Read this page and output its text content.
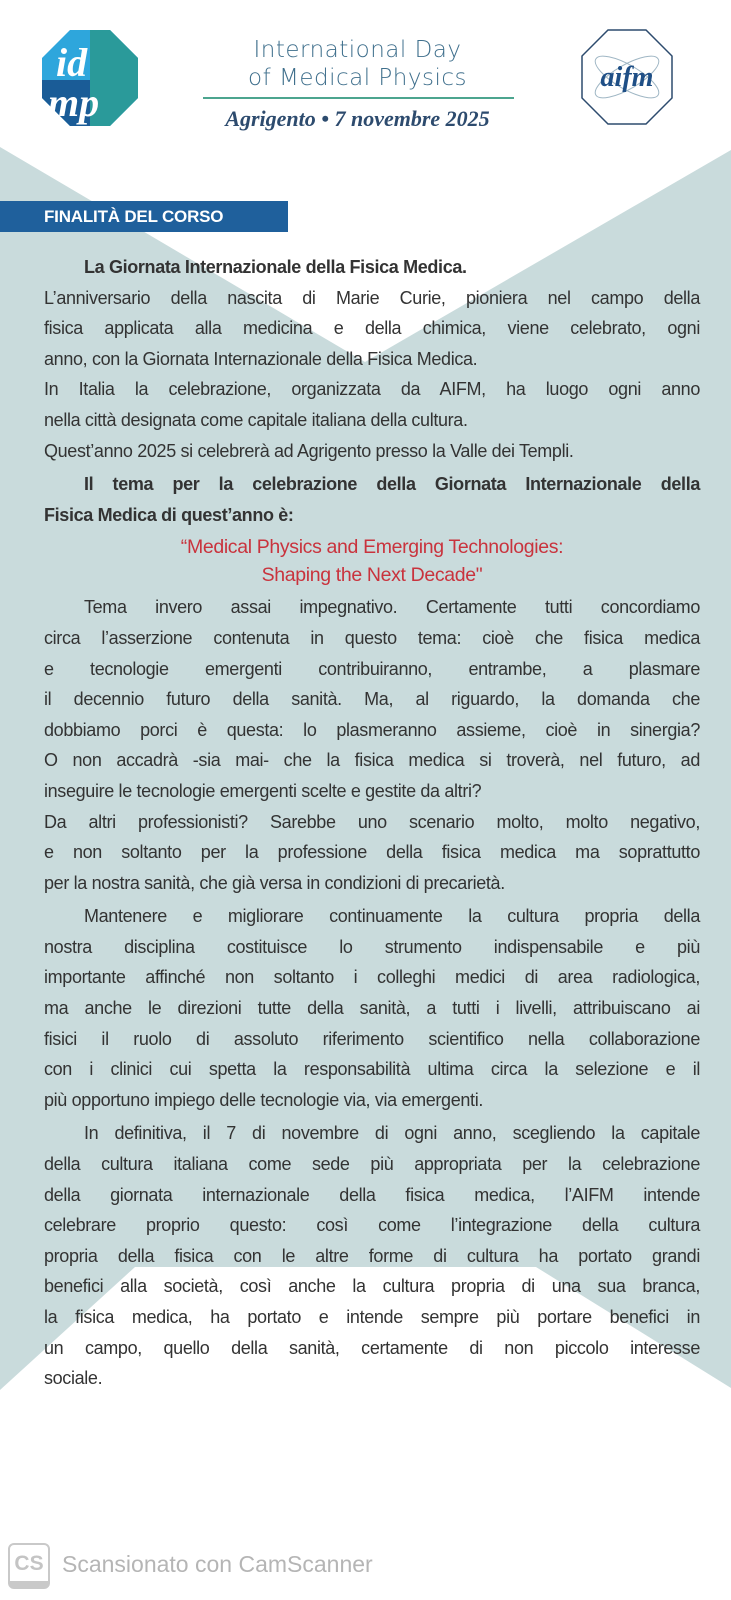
id
mp
International Day
of Medical Physics
Agrigento • 7 novembre 2025
aifm
FINALITÀ DEL CORSO
La Giornata Internazionale della Fisica Medica.
L’anniversario della nascita di Marie Curie, pioniera nel campo della
fisica applicata alla medicina e della chimica, viene celebrato, ogni
anno, con la Giornata Internazionale della Fisica Medica.
In Italia la celebrazione, organizzata da AIFM, ha luogo ogni anno
nella città designata come capitale italiana della cultura.
Quest’anno 2025 si celebrerà ad Agrigento presso la Valle dei Templi.
Il tema per la celebrazione della Giornata Internazionale della
Fisica Medica di quest’anno è:
“Medical Physics and Emerging Technologies:
Shaping the Next Decade"
Tema invero assai impegnativo. Certamente tutti concordiamo
circa l’asserzione contenuta in questo tema: cioè che fisica medica
e tecnologie emergenti contribuiranno, entrambe, a plasmare
il decennio futuro della sanità. Ma, al riguardo, la domanda che
dobbiamo porci è questa: lo plasmeranno assieme, cioè in sinergia?
O non accadrà -sia mai- che la fisica medica si troverà, nel futuro, ad
inseguire le tecnologie emergenti scelte e gestite da altri?
Da altri professionisti? Sarebbe uno scenario molto, molto negativo,
e non soltanto per la professione della fisica medica ma soprattutto
per la nostra sanità, che già versa in condizioni di precarietà.
Mantenere e migliorare continuamente la cultura propria della
nostra disciplina costituisce lo strumento indispensabile e più
importante affinché non soltanto i colleghi medici di area radiologica,
ma anche le direzioni tutte della sanità, a tutti i livelli, attribuiscano ai
fisici il ruolo di assoluto riferimento scientifico nella collaborazione
con i clinici cui spetta la responsabilità ultima circa la selezione e il
più opportuno impiego delle tecnologie via, via emergenti.
In definitiva, il 7 di novembre di ogni anno, scegliendo la capitale
della cultura italiana come sede più appropriata per la celebrazione
della giornata internazionale della fisica medica, l’AIFM intende
celebrare proprio questo: così come l’integrazione della cultura
propria della fisica con le altre forme di cultura ha portato grandi
benefici alla società, così anche la cultura propria di una sua branca,
la fisica medica, ha portato e intende sempre più portare benefici in
un campo, quello della sanità, certamente di non piccolo interesse
sociale.
CS Scansionato con CamScanner
